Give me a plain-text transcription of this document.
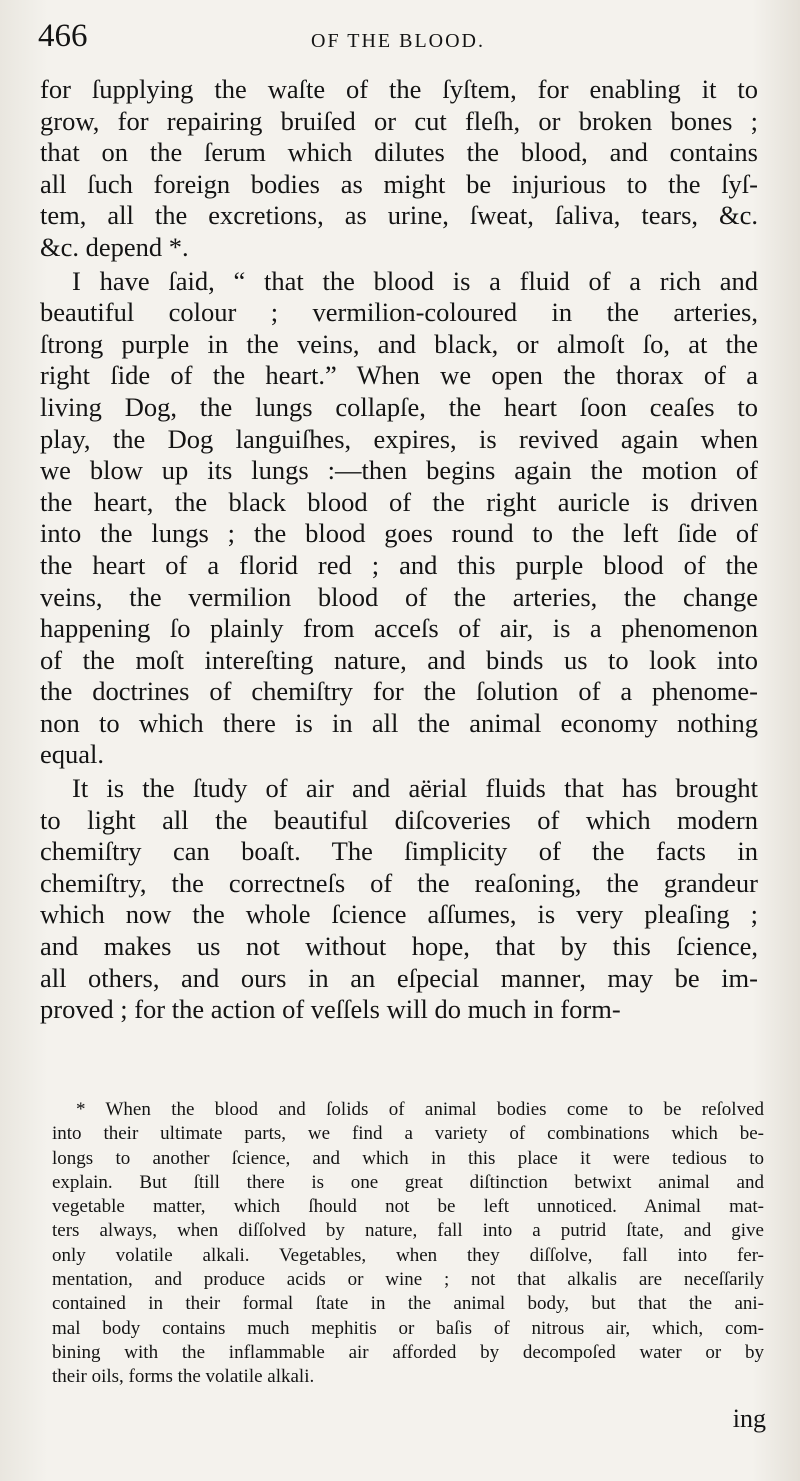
466	OF THE BLOOD.
for ſupplying the waſte of the ſyſtem, for enabling it to
grow, for repairing bruiſed or cut fleſh, or broken bones ;
that on the ſerum which dilutes the blood, and contains
all ſuch foreign bodies as might be injurious to the ſyſ-
tem, all the excretions, as urine, ſweat, ſaliva, tears, &c.
&c. depend *.
I have ſaid, “ that the blood is a fluid of a rich and
beautiful colour ; vermilion-coloured in the arteries,
ſtrong purple in the veins, and black, or almoſt ſo, at the
right ſide of the heart.” When we open the thorax of a
living Dog, the lungs collapſe, the heart ſoon ceaſes to
play, the Dog languiſhes, expires, is revived again when
we blow up its lungs :—then begins again the motion of
the heart, the black blood of the right auricle is driven
into the lungs ; the blood goes round to the left ſide of
the heart of a florid red ; and this purple blood of the
veins, the vermilion blood of the arteries, the change
happening ſo plainly from acceſs of air, is a phenomenon
of the moſt intereſting nature, and binds us to look into
the doctrines of chemiſtry for the ſolution of a phenome-
non to which there is in all the animal economy nothing
equal.
It is the ſtudy of air and aërial fluids that has brought
to light all the beautiful diſcoveries of which modern
chemiſtry can boaſt. The ſimplicity of the facts in
chemiſtry, the correctneſs of the reaſoning, the grandeur
which now the whole ſcience aſſumes, is very pleaſing ;
and makes us not without hope, that by this ſcience,
all others, and ours in an eſpecial manner, may be im-
proved ; for the action of veſſels will do much in form-
* When the blood and ſolids of animal bodies come to be reſolved
into their ultimate parts, we find a variety of combinations which be-
longs to another ſcience, and which in this place it were tedious to
explain. But ſtill there is one great diſtinction betwixt animal and
vegetable matter, which ſhould not be left unnoticed. Animal mat-
ters always, when diſſolved by nature, fall into a putrid ſtate, and give
only volatile alkali. Vegetables, when they diſſolve, fall into fer-
mentation, and produce acids or wine ; not that alkalis are neceſſarily
contained in their formal ſtate in the animal body, but that the ani-
mal body contains much mephitis or baſis of nitrous air, which, com-
bining with the inflammable air afforded by decompoſed water or by
their oils, forms the volatile alkali.
ing
